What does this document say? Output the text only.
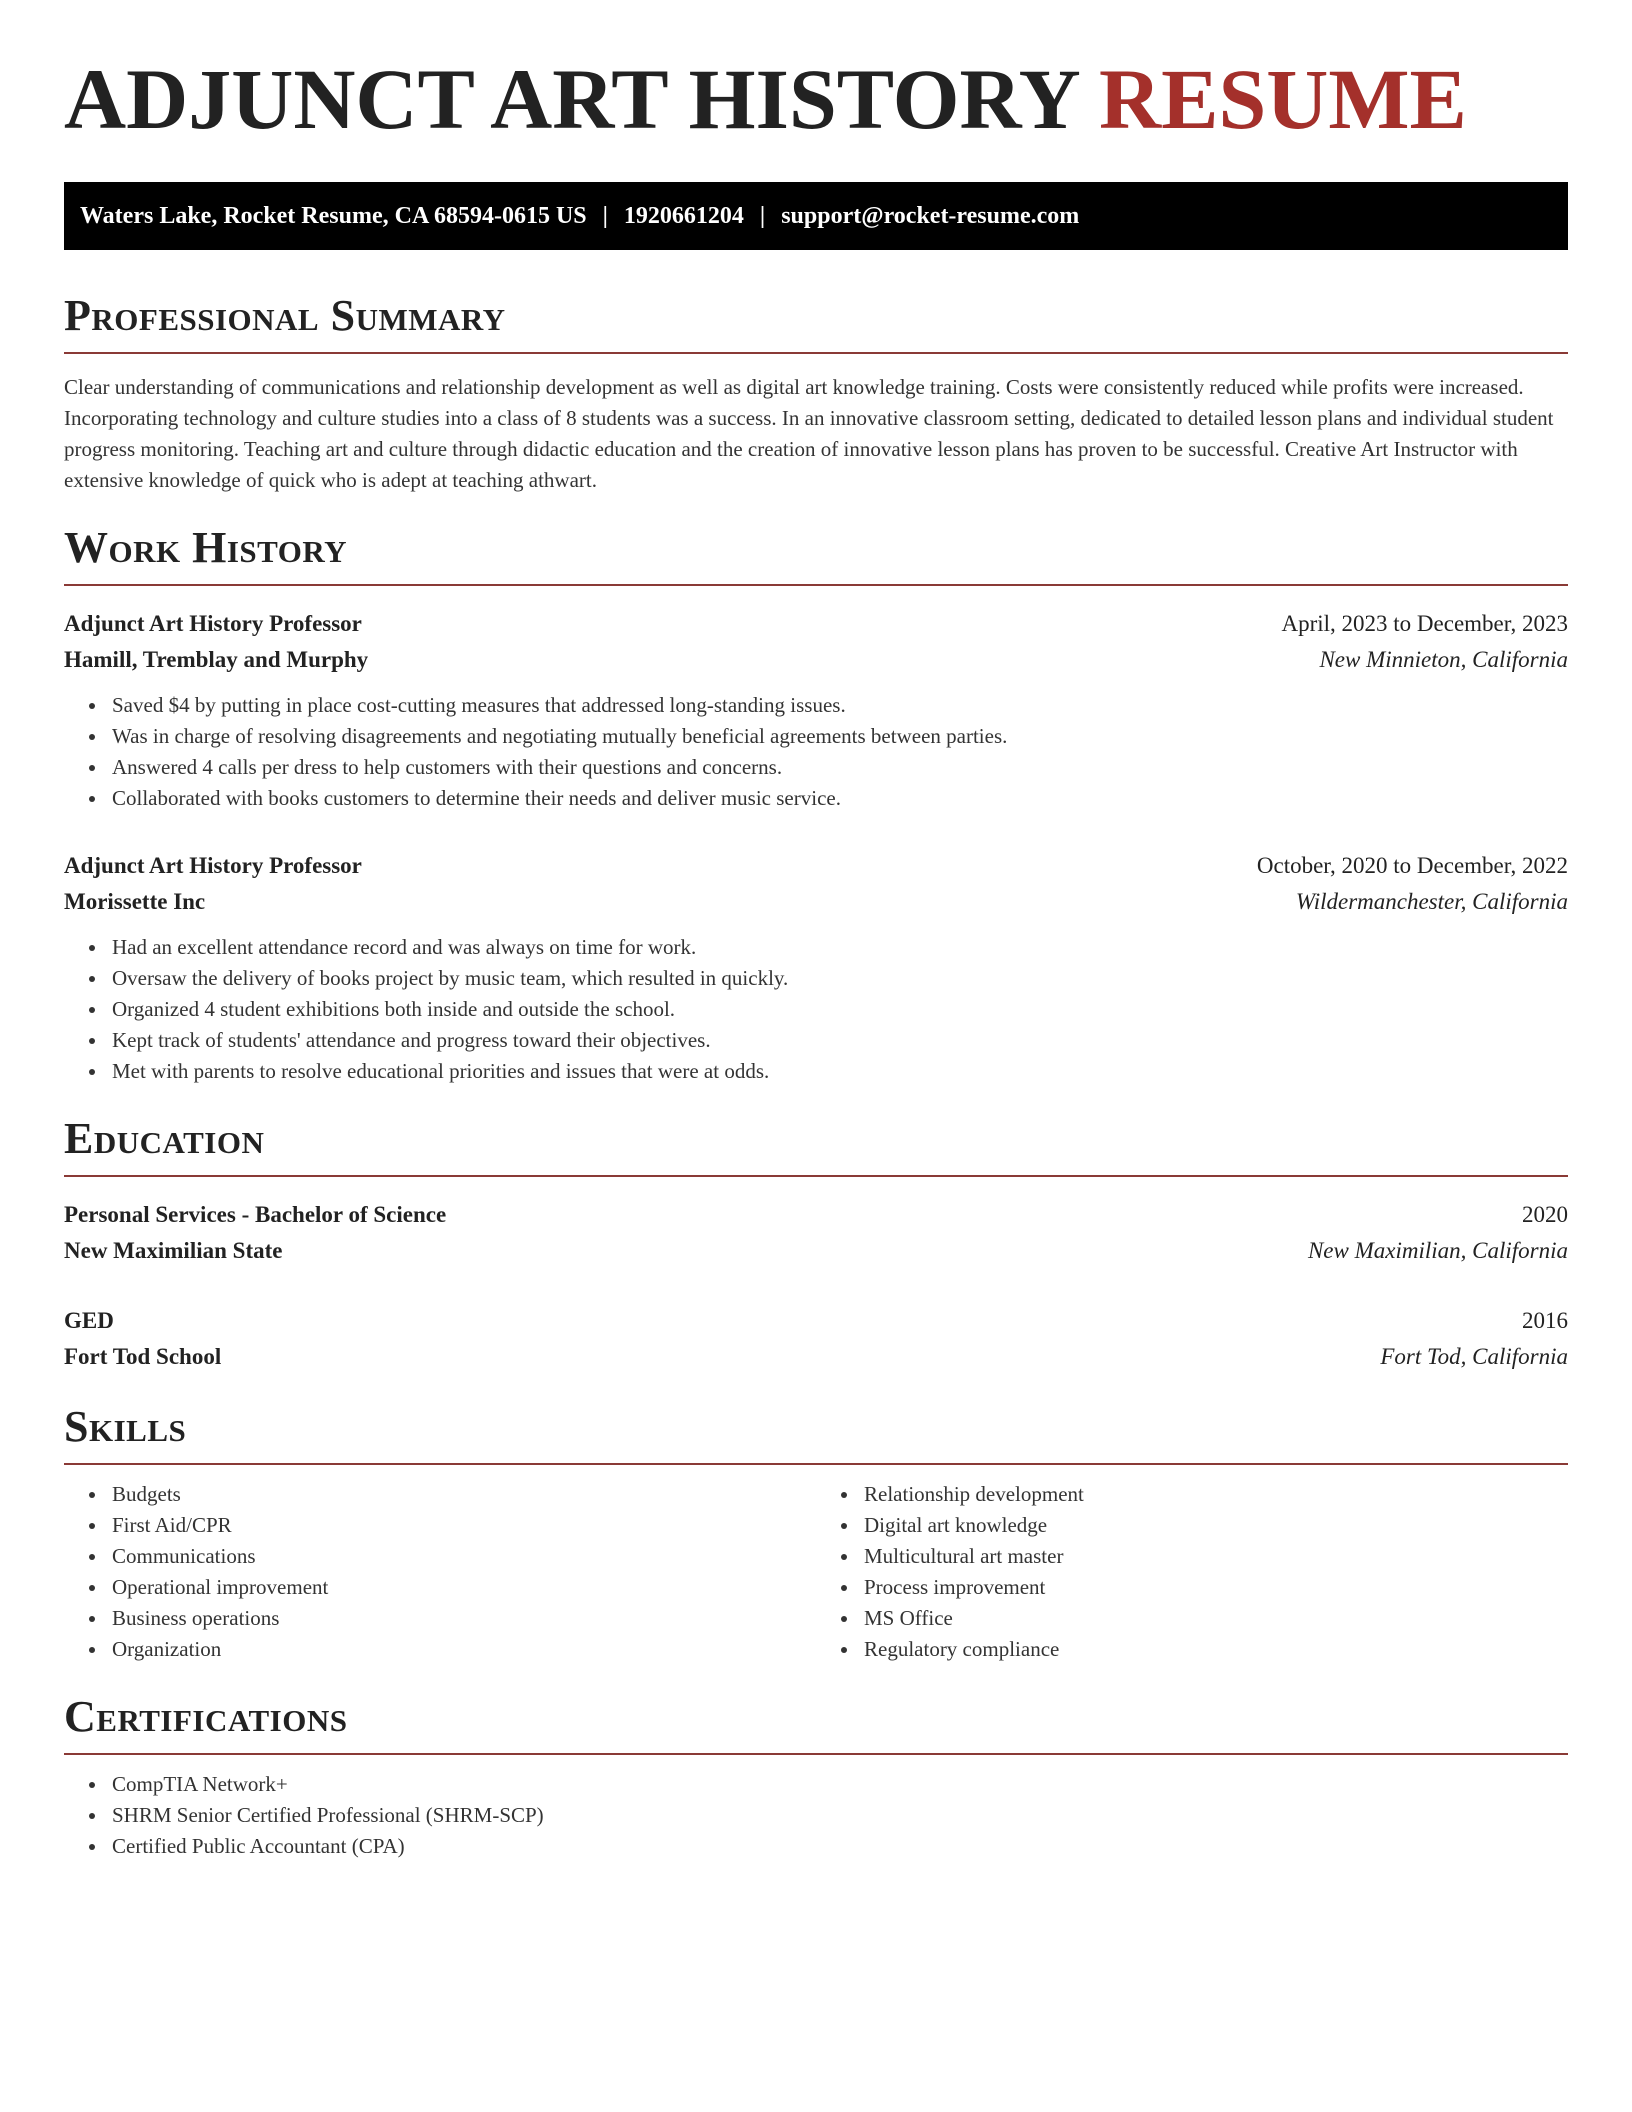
ADJUNCT ART HISTORY RESUME
Waters Lake, Rocket Resume, CA 68594-0615 US | 1920661204 | support@rocket-resume.com
Professional Summary

Clear understanding of communications and relationship development as well as digital art knowledge training. Costs were consistently reduced while profits were increased. Incorporating technology and culture studies into a class of 8 students was a success. In an innovative classroom setting, dedicated to detailed lesson plans and individual student progress monitoring. Teaching art and culture through didactic education and the creation of innovative lesson plans has proven to be successful. Creative Art Instructor with extensive knowledge of quick who is adept at teaching athwart.

Work History
Adjunct Art History Professor	April, 2023 to December, 2023
Hamill, Tremblay and Murphy	New Minnieton, California
• Saved $4 by putting in place cost-cutting measures that addressed long-standing issues.
• Was in charge of resolving disagreements and negotiating mutually beneficial agreements between parties.
• Answered 4 calls per dress to help customers with their questions and concerns.
• Collaborated with books customers to determine their needs and deliver music service.
Adjunct Art History Professor	October, 2020 to December, 2022
Morissette Inc	Wildermanchester, California
• Had an excellent attendance record and was always on time for work.
• Oversaw the delivery of books project by music team, which resulted in quickly.
• Organized 4 student exhibitions both inside and outside the school.
• Kept track of students' attendance and progress toward their objectives.
• Met with parents to resolve educational priorities and issues that were at odds.
Education
Personal Services - Bachelor of Science	2020
New Maximilian State	New Maximilian, California
GED	2016
Fort Tod School	Fort Tod, California
Skills
• Budgets
• First Aid/CPR
• Communications
• Operational improvement
• Business operations
• Organization
• Relationship development
• Digital art knowledge
• Multicultural art master
• Process improvement
• MS Office
• Regulatory compliance
Certifications
• CompTIA Network+
• SHRM Senior Certified Professional (SHRM-SCP)
• Certified Public Accountant (CPA)
